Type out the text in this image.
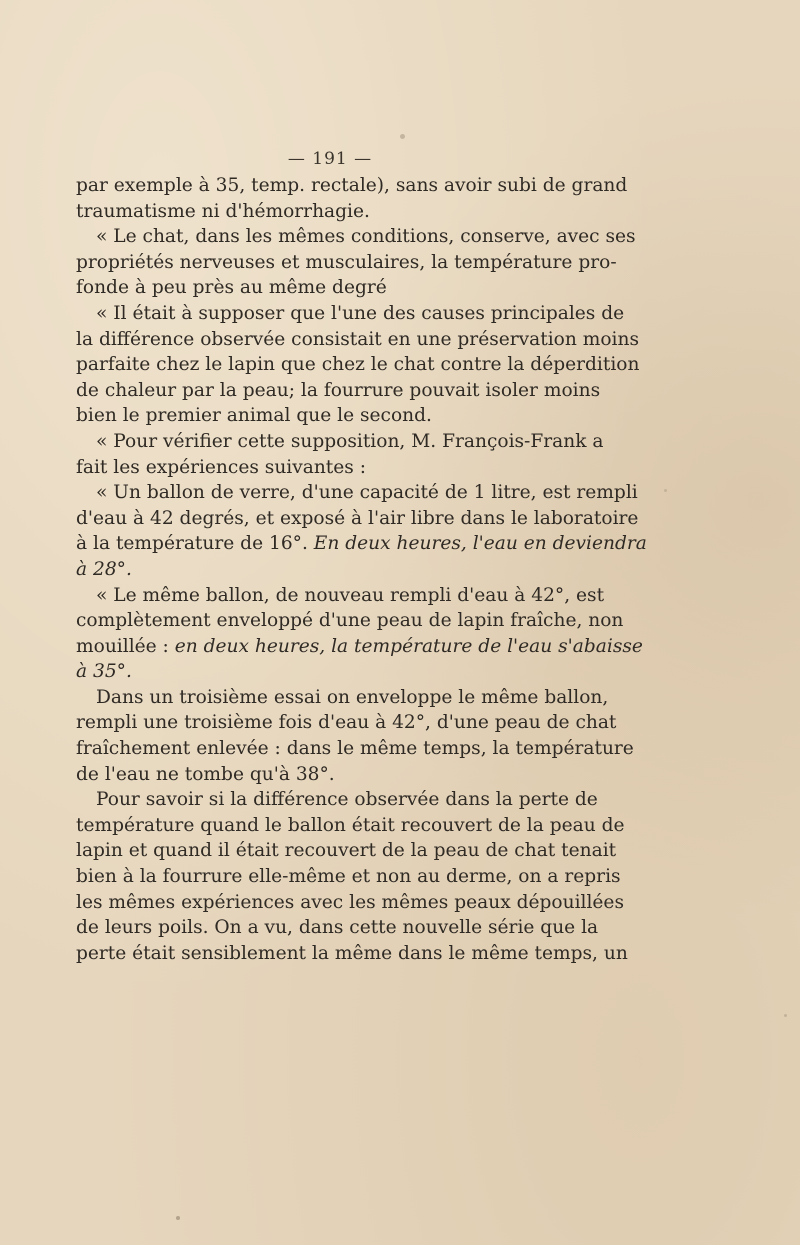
— 191 —
par exemple à 35, temp. rectale), sans avoir subi de grand
traumatisme ni d'hémorrhagie.
« Le chat, dans les mêmes conditions, conserve, avec ses
propriétés nerveuses et musculaires, la température pro-
fonde à peu près au même degré
« Il était à supposer que l'une des causes principales de
la différence observée consistait en une préservation moins
parfaite chez le lapin que chez le chat contre la déperdition
de chaleur par la peau; la fourrure pouvait isoler moins
bien le premier animal que le second.
« Pour vérifier cette supposition, M. François-Frank a
fait les expériences suivantes :
« Un ballon de verre, d'une capacité de 1 litre, est rempli
d'eau à 42 degrés, et exposé à l'air libre dans le laboratoire
à la température de 16°. En deux heures, l'eau en deviendra
à 28°.
« Le même ballon, de nouveau rempli d'eau à 42°, est
complètement enveloppé d'une peau de lapin fraîche, non
mouillée : en deux heures, la température de l'eau s'abaisse
à 35°.
Dans un troisième essai on enveloppe le même ballon,
rempli une troisième fois d'eau à 42°, d'une peau de chat
fraîchement enlevée : dans le même temps, la température
de l'eau ne tombe qu'à 38°.
Pour savoir si la différence observée dans la perte de
température quand le ballon était recouvert de la peau de
lapin et quand il était recouvert de la peau de chat tenait
bien à la fourrure elle-même et non au derme, on a repris
les mêmes expériences avec les mêmes peaux dépouillées
de leurs poils. On a vu, dans cette nouvelle série que la
perte était sensiblement la même dans le même temps, un
